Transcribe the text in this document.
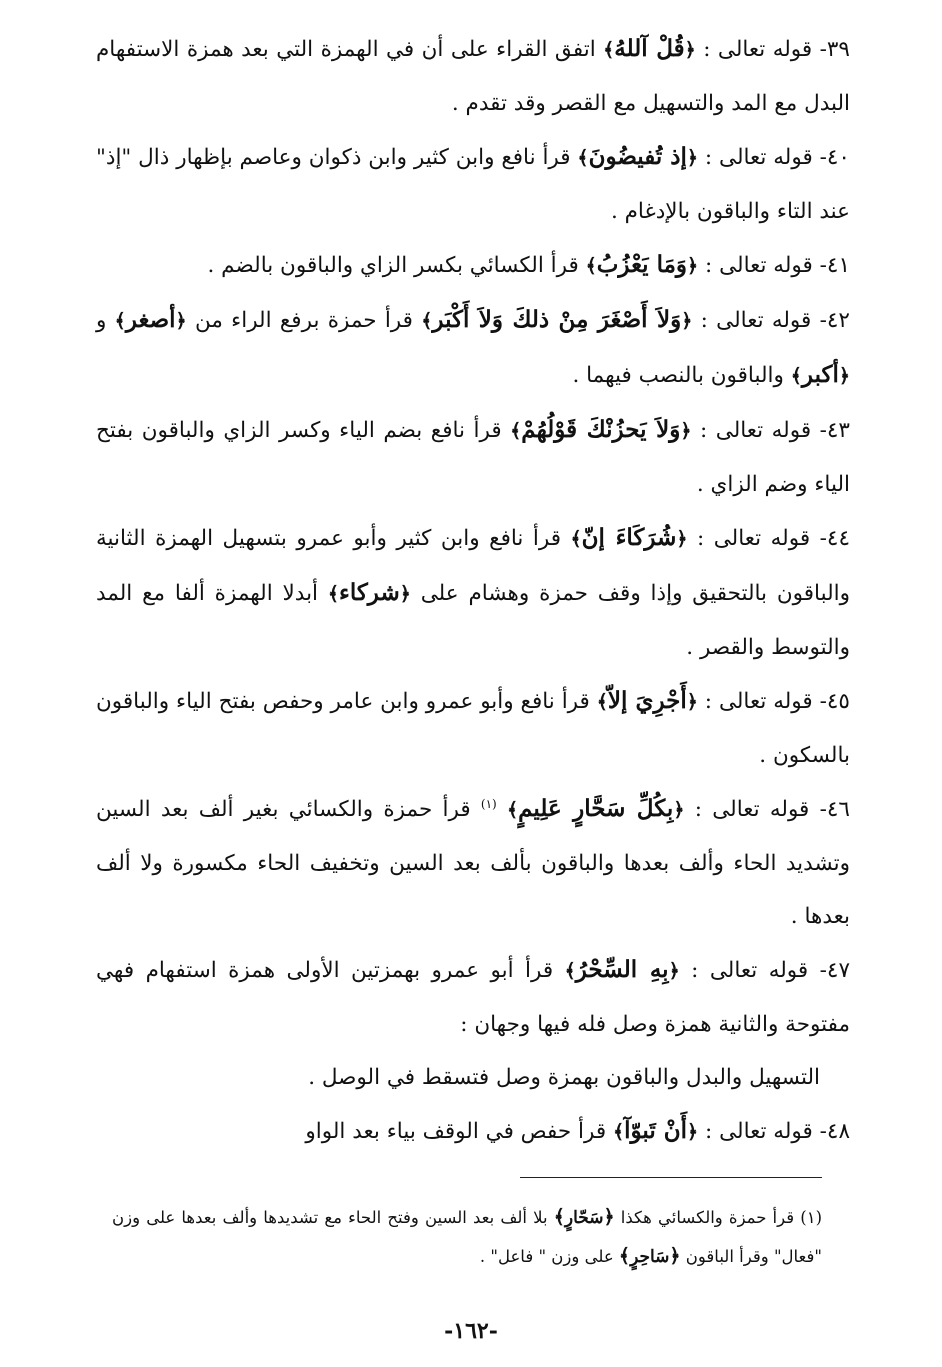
٣٩- قوله تعالى : ﴿قُلْ آللهُ﴾ اتفق القراء على أن في الهمزة التي بعد همزة الاستفهام البدل مع المد والتسهيل مع القصر وقد تقدم .

٤٠- قوله تعالى : ﴿إذ تُفيضُونَ﴾ قرأ نافع وابن كثير وابن ذكوان وعاصم بإظهار ذال "إذ" عند التاء والباقون بالإدغام .

٤١- قوله تعالى : ﴿وَمَا يَعْزُبُ﴾ قرأ الكسائي بكسر الزاي والباقون بالضم .

٤٢- قوله تعالى : ﴿وَلاَ أَصْغَرَ مِنْ ذلكَ وَلاَ أَكْبَر﴾ قرأ حمزة برفع الراء من ﴿أصغر﴾ و ﴿أكبر﴾ والباقون بالنصب فيهما .

٤٣- قوله تعالى : ﴿وَلاَ يَحزُنْكَ قَوْلُهُمْ﴾ قرأ نافع بضم الياء وكسر الزاي والباقون بفتح الياء وضم الزاي .

٤٤- قوله تعالى : ﴿شُرَكَاءَ إنّ﴾ قرأ نافع وابن كثير وأبو عمرو بتسهيل الهمزة الثانية والباقون بالتحقيق وإذا وقف حمزة وهشام على ﴿شركاء﴾ أبدلا الهمزة ألفا مع المد والتوسط والقصر .

٤٥- قوله تعالى : ﴿أَجْرِيَ إلاّ﴾ قرأ نافع وأبو عمرو وابن عامر وحفص بفتح الياء والباقون بالسكون .

٤٦- قوله تعالى : ﴿بِكُلِّ سَحَّارٍ عَلِيمٍ﴾ $^{(١)}$ قرأ حمزة والكسائي بغير ألف بعد السين وتشديد الحاء وألف بعدها والباقون بألف بعد السين وتخفيف الحاء مكسورة ولا ألف بعدها .

٤٧- قوله تعالى : ﴿بِهِ السِّحْرُ﴾ قرأ أبو عمرو بهمزتين الأولى همزة استفهام فهي مفتوحة والثانية همزة وصل فله فيها وجهان :

التسهيل والبدل والباقون بهمزة وصل فتسقط في الوصل .

٤٨- قوله تعالى : ﴿أَنْ تَبوّآ﴾ قرأ حفص في الوقف بياء بعد الواو

(١) قرأ حمزة والكسائي هكذا ﴿سَحّارٍ﴾ بلا ألف بعد السين وفتح الحاء مع تشديدها وألف بعدها على وزن "فعال" وقرأ الباقون ﴿سَاحِرٍ﴾ على وزن " فاعل" .

-١٦٢-
